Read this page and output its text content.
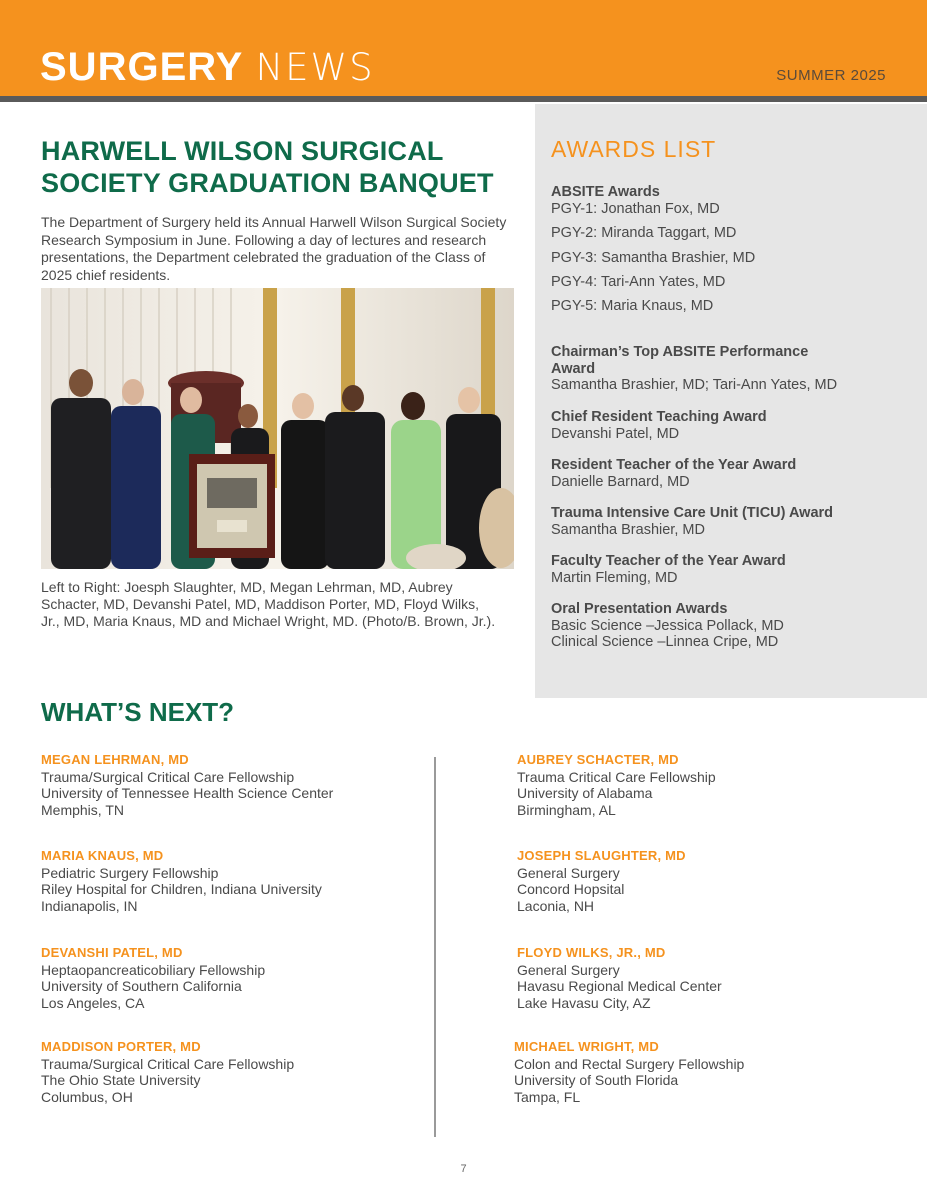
SURGERY NEWS	SUMMER 2025
HARWELL WILSON SURGICAL
SOCIETY GRADUATION BANQUET
The Department of Surgery held its Annual Harwell Wilson Surgical Society Research Symposium in June. Following a day of lectures and research presentations, the Department celebrated the graduation of the Class of 2025 chief residents.
Left to Right: Joesph Slaughter, MD, Megan Lehrman, MD, Aubrey Schacter, MD, Devanshi Patel, MD, Maddison Porter, MD, Floyd Wilks, Jr., MD, Maria Knaus, MD and Michael Wright, MD. (Photo/B. Brown, Jr.).
AWARDS LIST
ABSITE Awards
PGY-1: Jonathan Fox, MD
PGY-2: Miranda Taggart, MD
PGY-3: Samantha Brashier, MD
PGY-4: Tari-Ann Yates, MD
PGY-5: Maria Knaus, MD
Chairman’s Top ABSITE Performance Award
Samantha Brashier, MD; Tari-Ann Yates, MD
Chief Resident Teaching Award
Devanshi Patel, MD
Resident Teacher of the Year Award
Danielle Barnard, MD
Trauma Intensive Care Unit (TICU) Award
Samantha Brashier, MD
Faculty Teacher of the Year Award
Martin Fleming, MD
Oral Presentation Awards
Basic Science –Jessica Pollack, MD
Clinical Science –Linnea Cripe, MD
WHAT’S NEXT?
MEGAN LEHRMAN, MD
Trauma/Surgical Critical Care Fellowship
University of Tennessee Health Science Center
Memphis, TN
AUBREY SCHACTER, MD
Trauma Critical Care Fellowship
University of Alabama
Birmingham, AL
MARIA KNAUS, MD
Pediatric Surgery Fellowship
Riley Hospital for Children, Indiana University
Indianapolis, IN
JOSEPH SLAUGHTER, MD
General Surgery
Concord Hopsital
Laconia, NH
DEVANSHI PATEL, MD
Heptaopancreaticobiliary Fellowship
University of Southern California
Los Angeles, CA
FLOYD WILKS, JR., MD
General Surgery
Havasu Regional Medical Center
Lake Havasu City, AZ
MADDISON PORTER, MD
Trauma/Surgical Critical Care Fellowship
The Ohio State University
Columbus, OH
MICHAEL WRIGHT, MD
Colon and Rectal Surgery Fellowship
University of South Florida
Tampa, FL
7
